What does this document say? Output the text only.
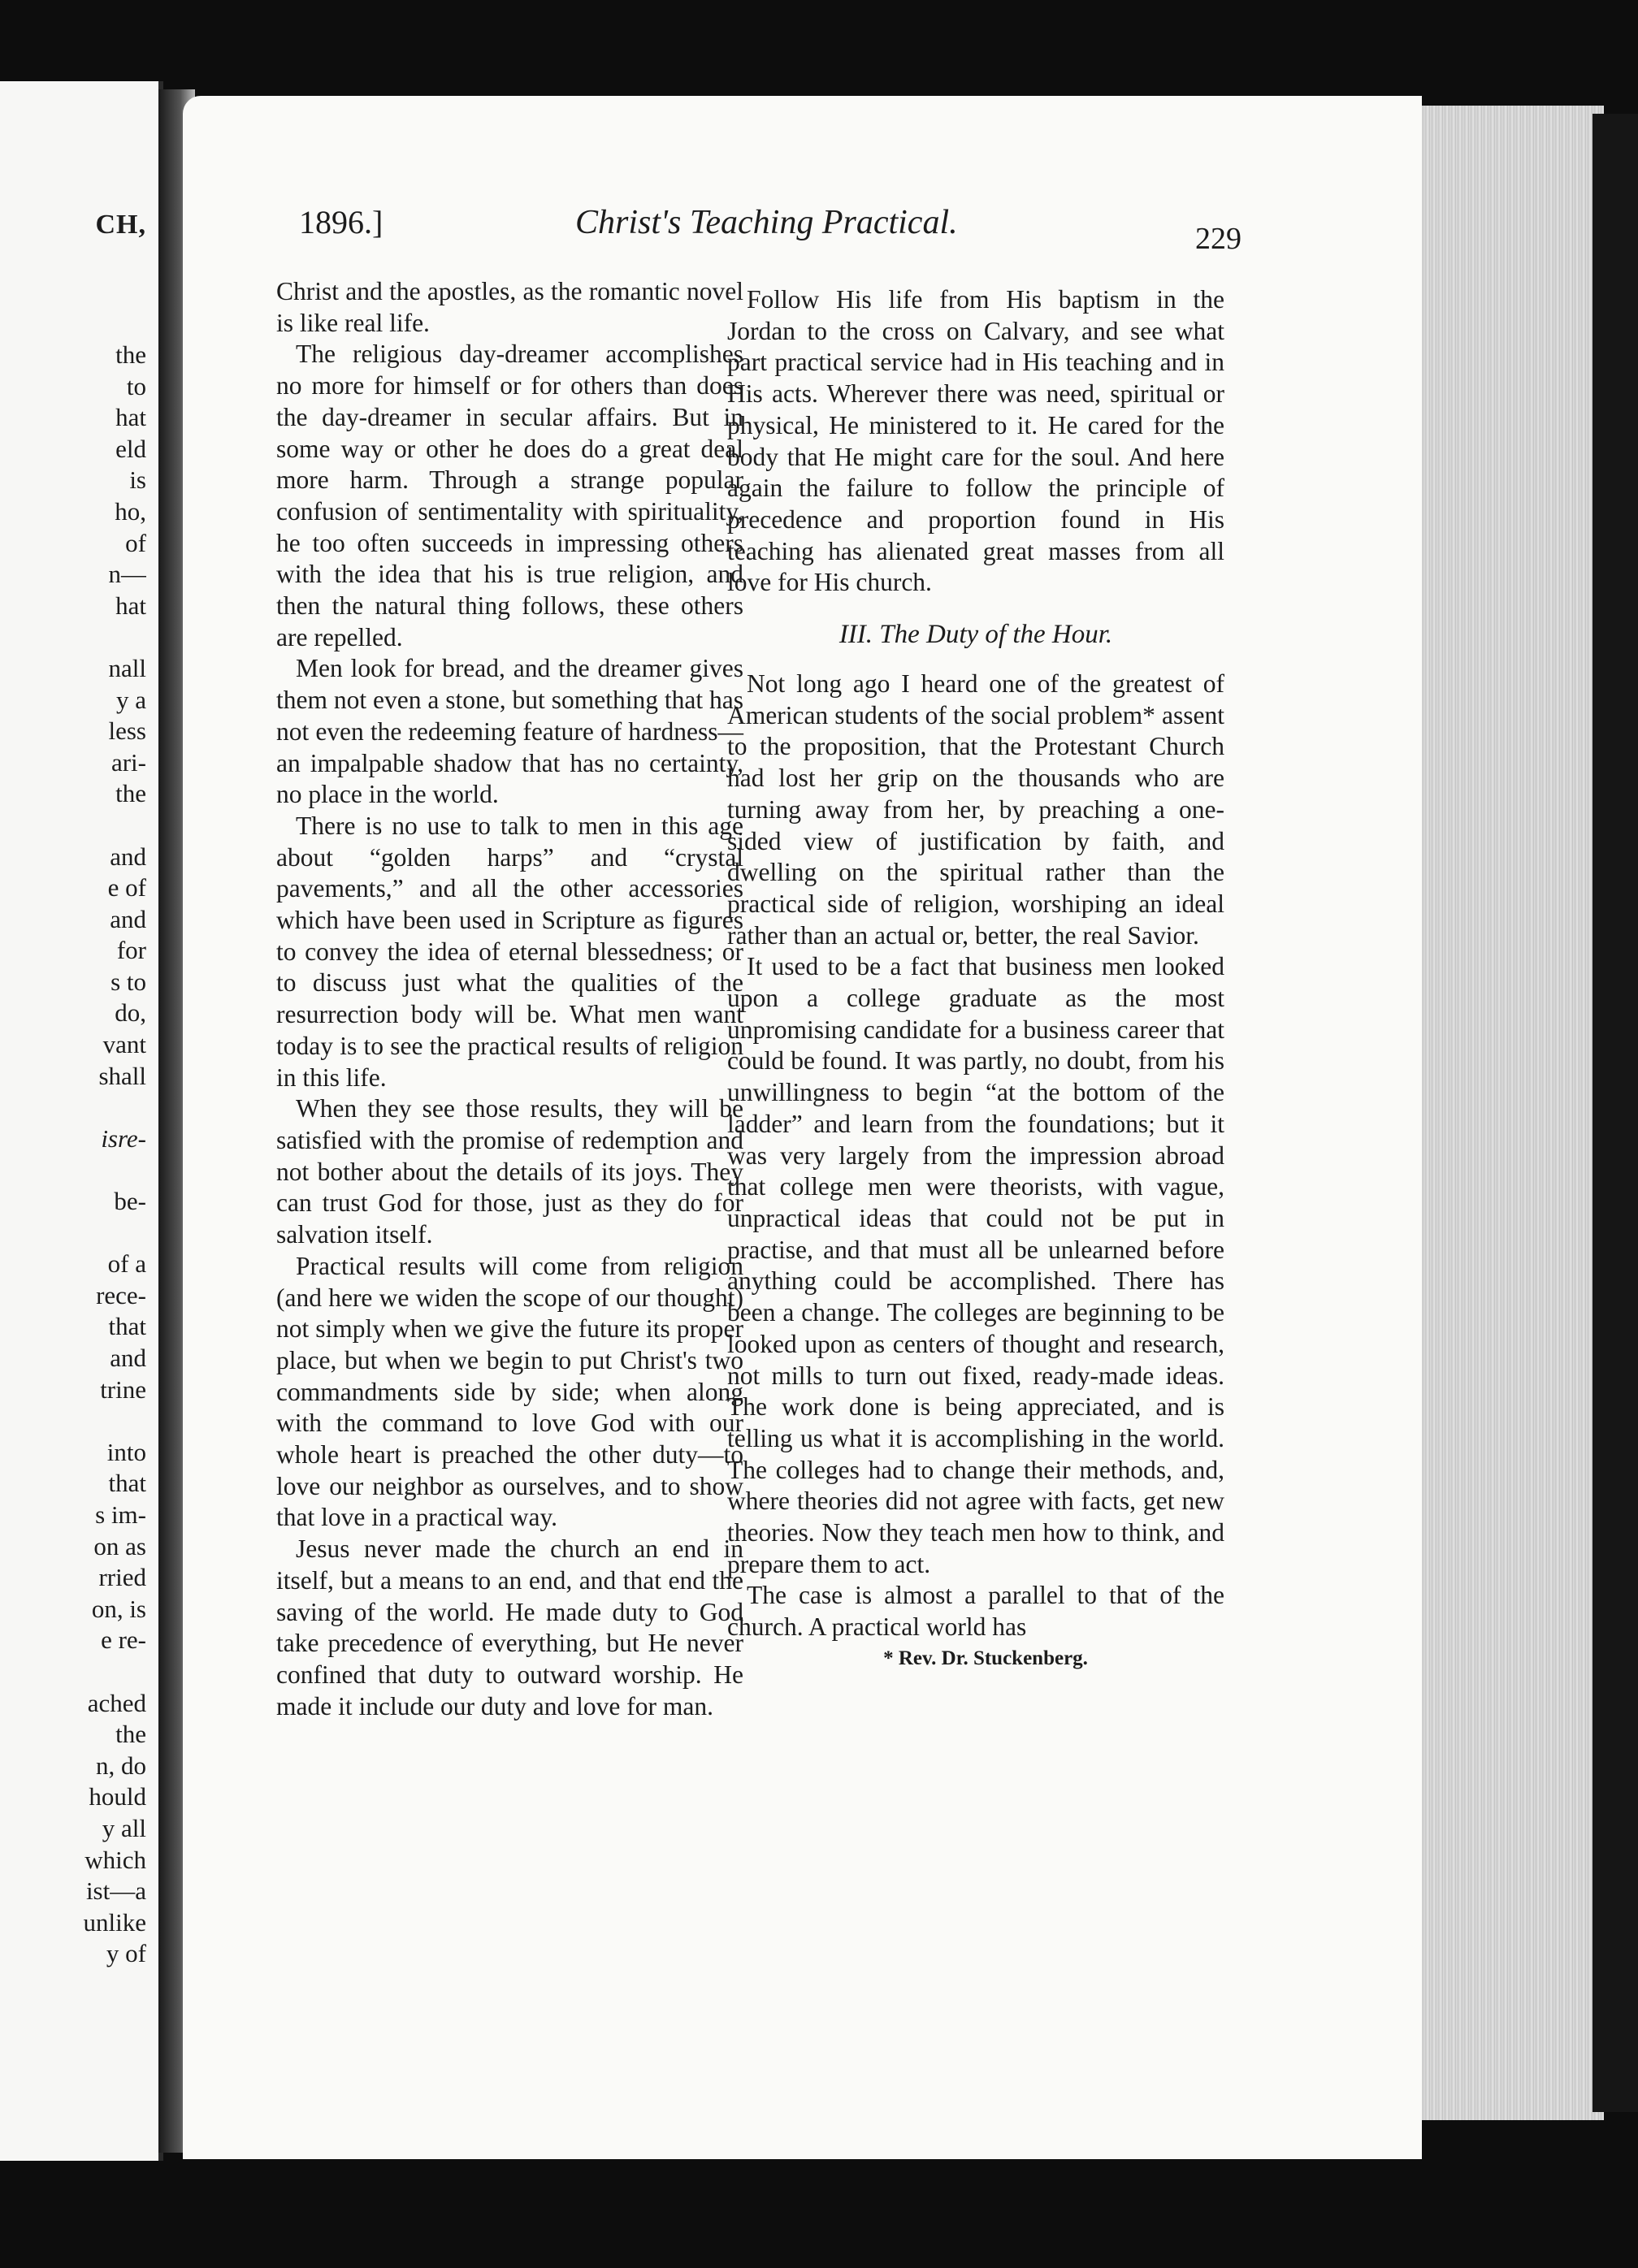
CH,
the
to
hat
eld
is
ho,
of
n—
hat

nall
y a
less
ari-
the

and
e of
and
for
s to
do,
vant
shall

isre-

be-

of a
rece-
that
and
trine

into
that
s im-
on as
rried
on, is
e re-

ached
the
n, do
hould
y all
which
ist—a
unlike
y of
1896.]	Christ's Teaching Practical.	229

Christ and the apostles, as the romantic novel is like real life.

The religious day-dreamer accomplishes no more for himself or for others than does the day-dreamer in secular affairs. But in some way or other he does do a great deal more harm. Through a strange popular confusion of sentimentality with spirituality, he too often succeeds in impressing others with the idea that his is true religion, and then the natural thing follows, these others are repelled.

Men look for bread, and the dreamer gives them not even a stone, but something that has not even the redeeming feature of hardness—an impalpable shadow that has no certainty, no place in the world.

There is no use to talk to men in this age about “golden harps” and “crystal pavements,” and all the other accessories which have been used in Scripture as figures to convey the idea of eternal blessedness; or to discuss just what the qualities of the resurrection body will be. What men want today is to see the practical results of religion in this life.

When they see those results, they will be satisfied with the promise of redemption and not bother about the details of its joys. They can trust God for those, just as they do for salvation itself.

Practical results will come from religion (and here we widen the scope of our thought) not simply when we give the future its proper place, but when we begin to put Christ's two commandments side by side; when along with the command to love God with our whole heart is preached the other duty—to love our neighbor as ourselves, and to show that love in a practical way.

Jesus never made the church an end in itself, but a means to an end, and that end the saving of the world. He made duty to God take precedence of everything, but He never confined that duty to outward worship. He made it include our duty and love for man.

Follow His life from His baptism in the Jordan to the cross on Calvary, and see what part practical service had in His teaching and in His acts. Wherever there was need, spiritual or physical, He ministered to it. He cared for the body that He might care for the soul. And here again the failure to follow the principle of precedence and proportion found in His teaching has alienated great masses from all love for His church.

III. The Duty of the Hour.

Not long ago I heard one of the greatest of American students of the social problem* assent to the proposition, that the Protestant Church had lost her grip on the thousands who are turning away from her, by preaching a one-sided view of justification by faith, and dwelling on the spiritual rather than the practical side of religion, worshiping an ideal rather than an actual or, better, the real Savior.

It used to be a fact that business men looked upon a college graduate as the most unpromising candidate for a business career that could be found. It was partly, no doubt, from his unwillingness to begin “at the bottom of the ladder” and learn from the foundations; but it was very largely from the impression abroad that college men were theorists, with vague, unpractical ideas that could not be put in practise, and that must all be unlearned before anything could be accomplished. There has been a change. The colleges are beginning to be looked upon as centers of thought and research, not mills to turn out fixed, ready-made ideas. The work done is being appreciated, and is telling us what it is accomplishing in the world. The colleges had to change their methods, and, where theories did not agree with facts, get new theories. Now they teach men how to think, and prepare them to act.

The case is almost a parallel to that of the church. A practical world has

* Rev. Dr. Stuckenberg.
